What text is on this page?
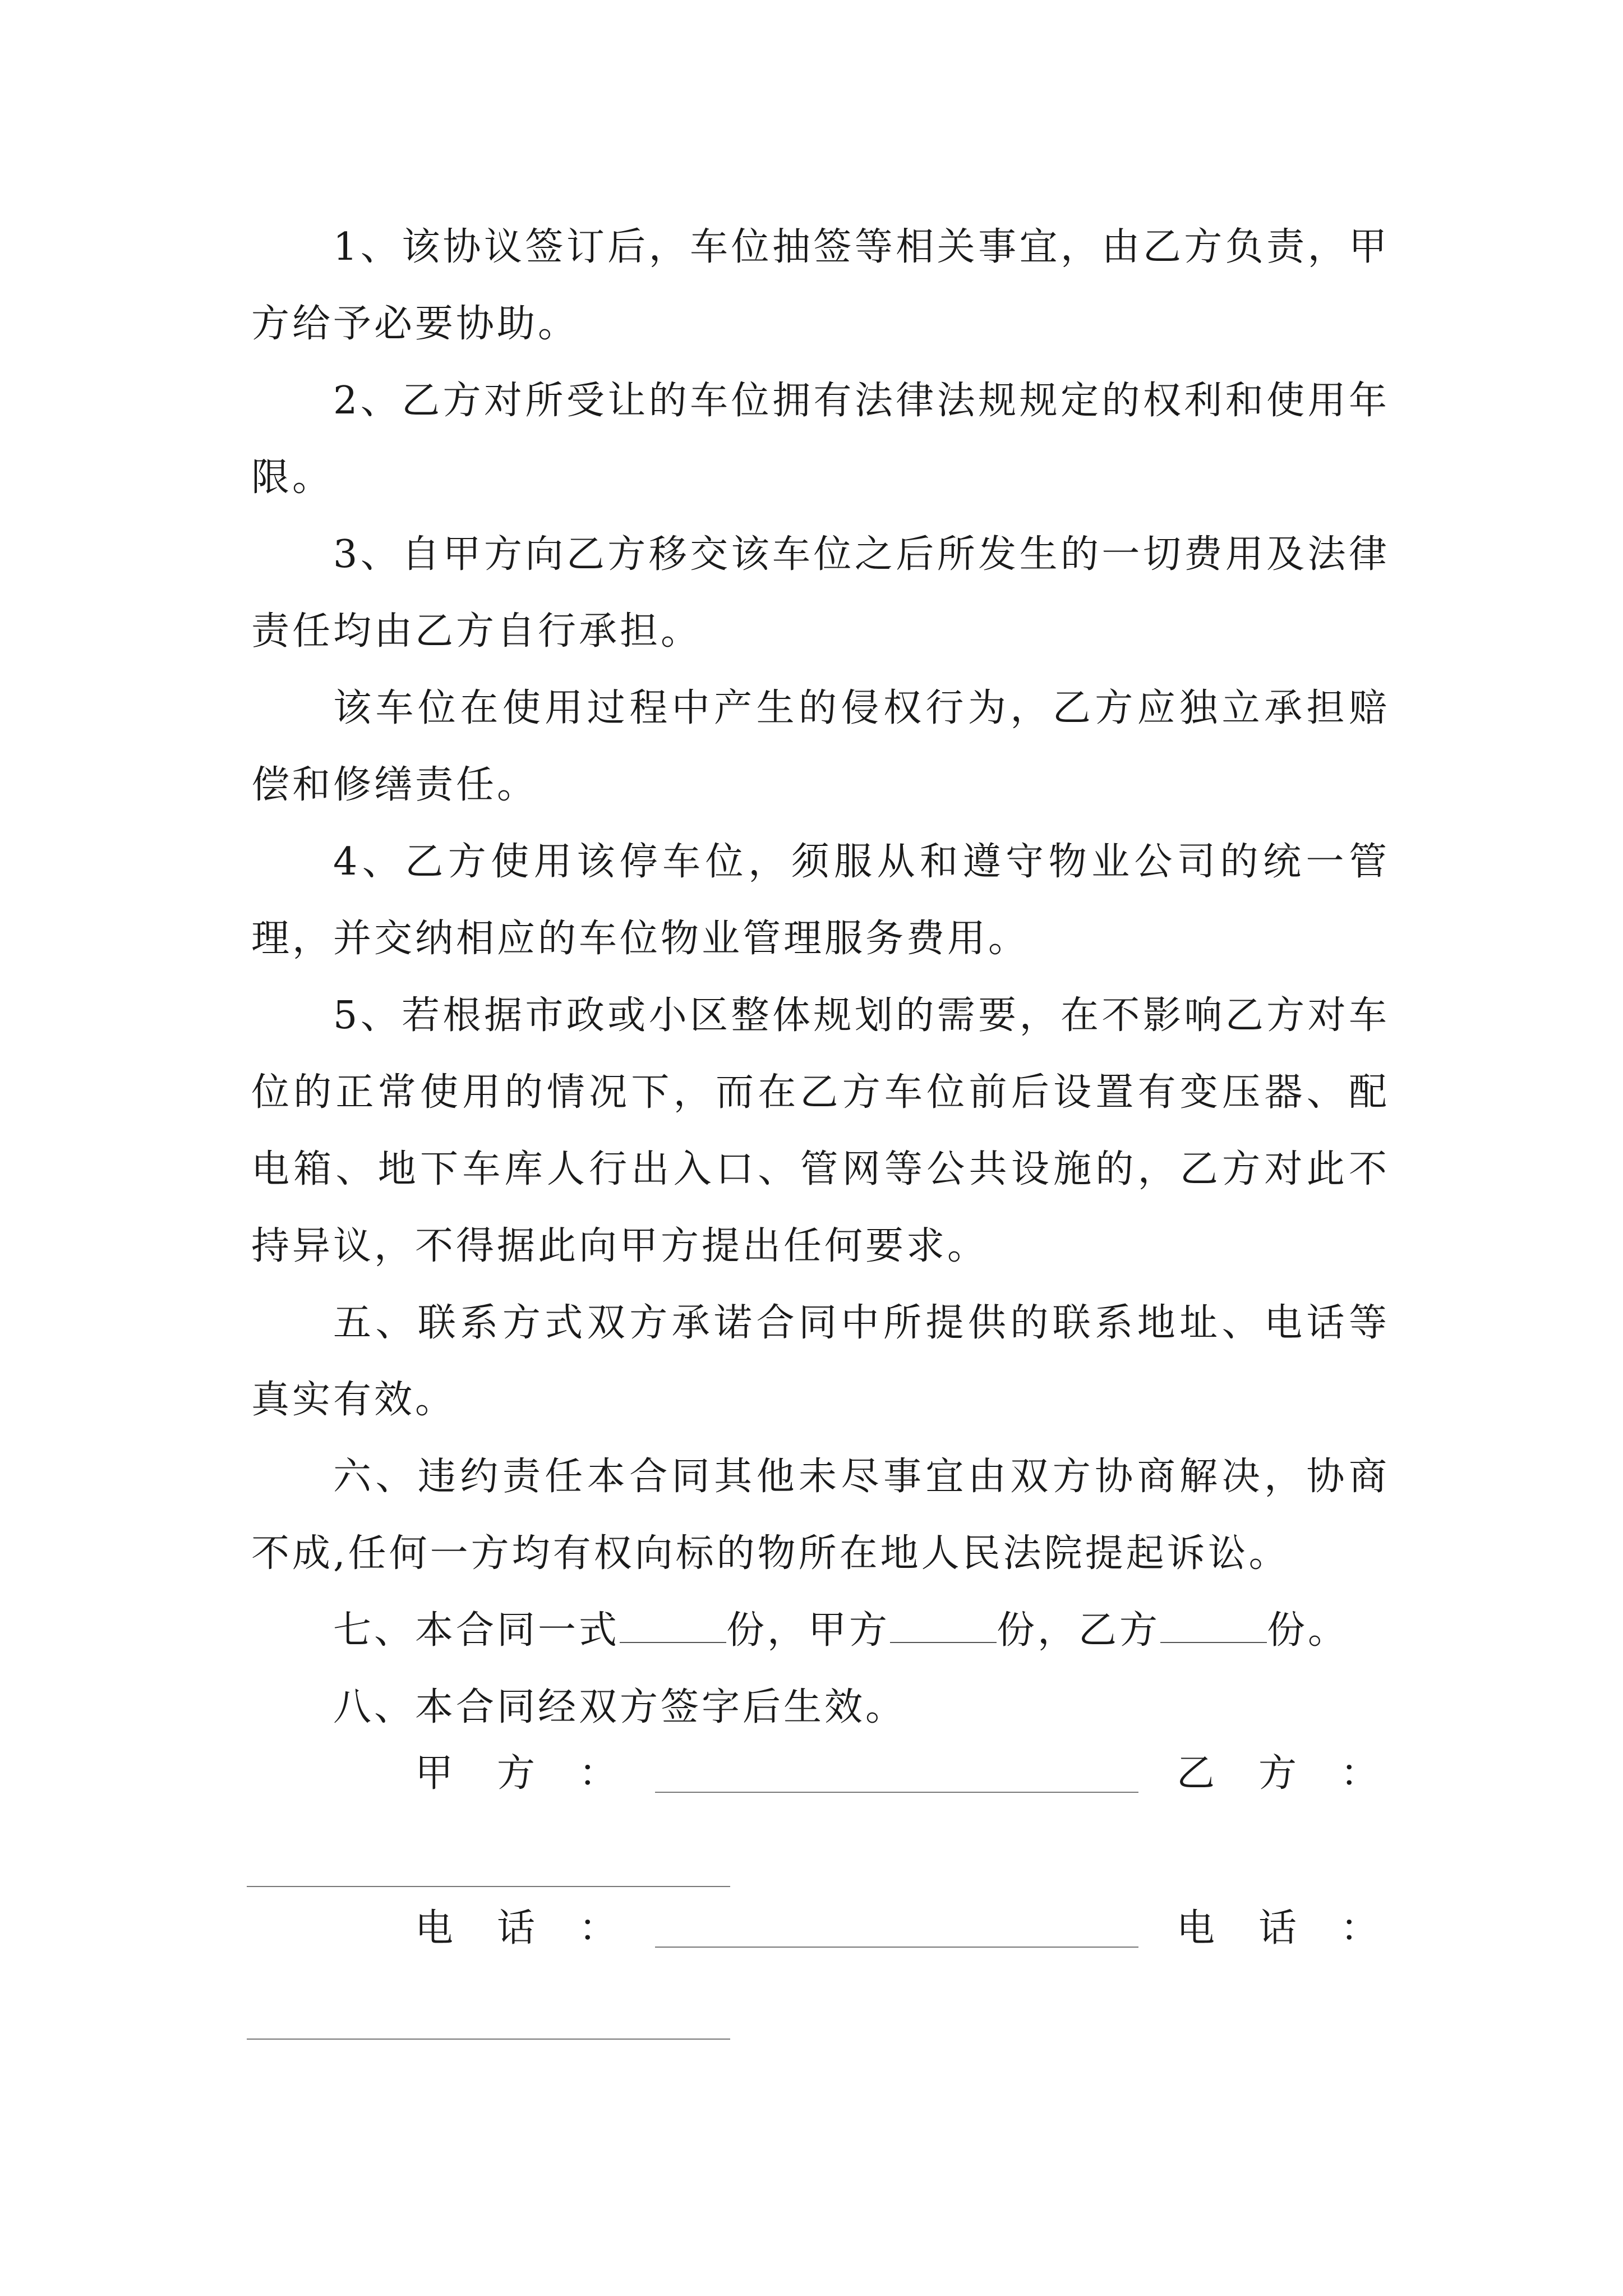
1、该协议签订后，车位抽签等相关事宜，由乙方负责，甲方给予必要协助。

2、乙方对所受让的车位拥有法律法规规定的权利和使用年限。

3、自甲方向乙方移交该车位之后所发生的一切费用及法律责任均由乙方自行承担。

该车位在使用过程中产生的侵权行为，乙方应独立承担赔偿和修缮责任。

4、乙方使用该停车位，须服从和遵守物业公司的统一管理，并交纳相应的车位物业管理服务费用。

5、若根据市政或小区整体规划的需要，在不影响乙方对车位的正常使用的情况下，而在乙方车位前后设置有变压器、配电箱、地下车库人行出入口、管网等公共设施的，乙方对此不持异议，不得据此向甲方提出任何要求。

五、联系方式双方承诺合同中所提供的联系地址、电话等真实有效。

六、违约责任本合同其他未尽事宜由双方协商解决，协商不成,任何一方均有权向标的物所在地人民法院提起诉讼。

七、本合同一式	份，甲方	份，乙方	份。

八、本合同经双方签字后生效。

甲　方　：	乙　方　：
电　话　：	电　话　：
